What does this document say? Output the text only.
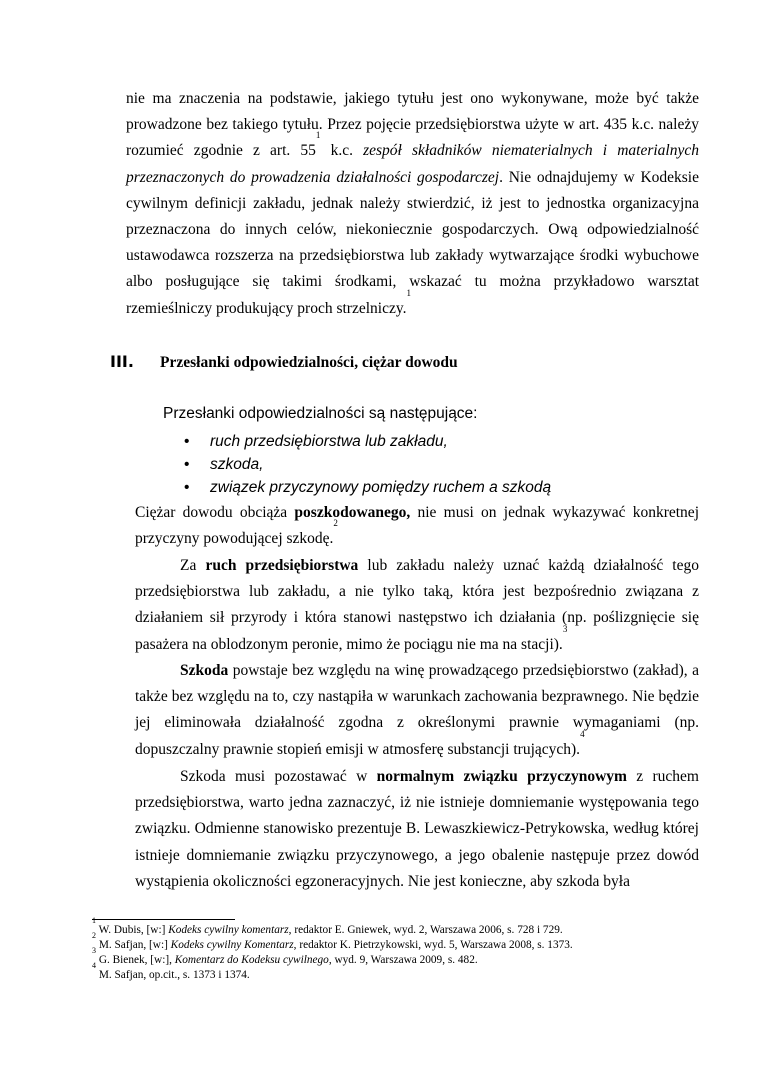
nie ma znaczenia na podstawie, jakiego tytułu jest ono wykonywane, może być także prowadzone bez takiego tytułu. Przez pojęcie przedsiębiorstwa użyte w art. 435 k.c. należy rozumieć zgodnie z art. $55^1$ k.c. zespół składników niematerialnych i materialnych przeznaczonych do prowadzenia działalności gospodarczej. Nie odnajdujemy w Kodeksie cywilnym definicji zakładu, jednak należy stwierdzić, iż jest to jednostka organizacyjna przeznaczona do innych celów, niekoniecznie gospodarczych. Ową odpowiedzialność ustawodawca rozszerza na przedsiębiorstwa lub zakłady wytwarzające środki wybuchowe albo posługujące się takimi środkami, wskazać tu można przykładowo warsztat rzemieślniczy produkujący proch strzelniczy.$^1$

III. Przesłanki odpowiedzialności, ciężar dowodu

Przesłanki odpowiedzialności są następujące:

• ruch przedsiębiorstwa lub zakładu,
• szkoda,
• związek przyczynowy pomiędzy ruchem a szkodą

Ciężar dowodu obciąża poszkodowanego, nie musi on jednak wykazywać konkretnej przyczyny powodującej szkodę.$^2$

Za ruch przedsiębiorstwa lub zakładu należy uznać każdą działalność tego przedsiębiorstwa lub zakładu, a nie tylko taką, która jest bezpośrednio związana z działaniem sił przyrody i która stanowi następstwo ich działania (np. poślizgnięcie się pasażera na oblodzonym peronie, mimo że pociągu nie ma na stacji).$^3$

Szkoda powstaje bez względu na winę prowadzącego przedsiębiorstwo (zakład), a także bez względu na to, czy nastąpiła w warunkach zachowania bezprawnego. Nie będzie jej eliminowała działalność zgodna z określonymi prawnie wymaganiami (np. dopuszczalny prawnie stopień emisji w atmosferę substancji trujących).$^4$

Szkoda musi pozostawać w normalnym związku przyczynowym z ruchem przedsiębiorstwa, warto jedna zaznaczyć, iż nie istnieje domniemanie występowania tego związku. Odmienne stanowisko prezentuje B. Lewaszkiewicz-Petrykowska, według której istnieje domniemanie związku przyczynowego, a jego obalenie następuje przez dowód wystąpienia okoliczności egzoneracyjnych. Nie jest konieczne, aby szkoda była

$^1$ W. Dubis, [w:] Kodeks cywilny komentarz, redaktor E. Gniewek, wyd. 2, Warszawa 2006, s. 728 i 729.
$^2$ M. Safjan, [w:] Kodeks cywilny Komentarz, redaktor K. Pietrzykowski, wyd. 5, Warszawa 2008, s. 1373.
$^3$ G. Bienek, [w:], Komentarz do Kodeksu cywilnego, wyd. 9, Warszawa 2009, s. 482.
$^4$ M. Safjan, op.cit., s. 1373 i 1374.
